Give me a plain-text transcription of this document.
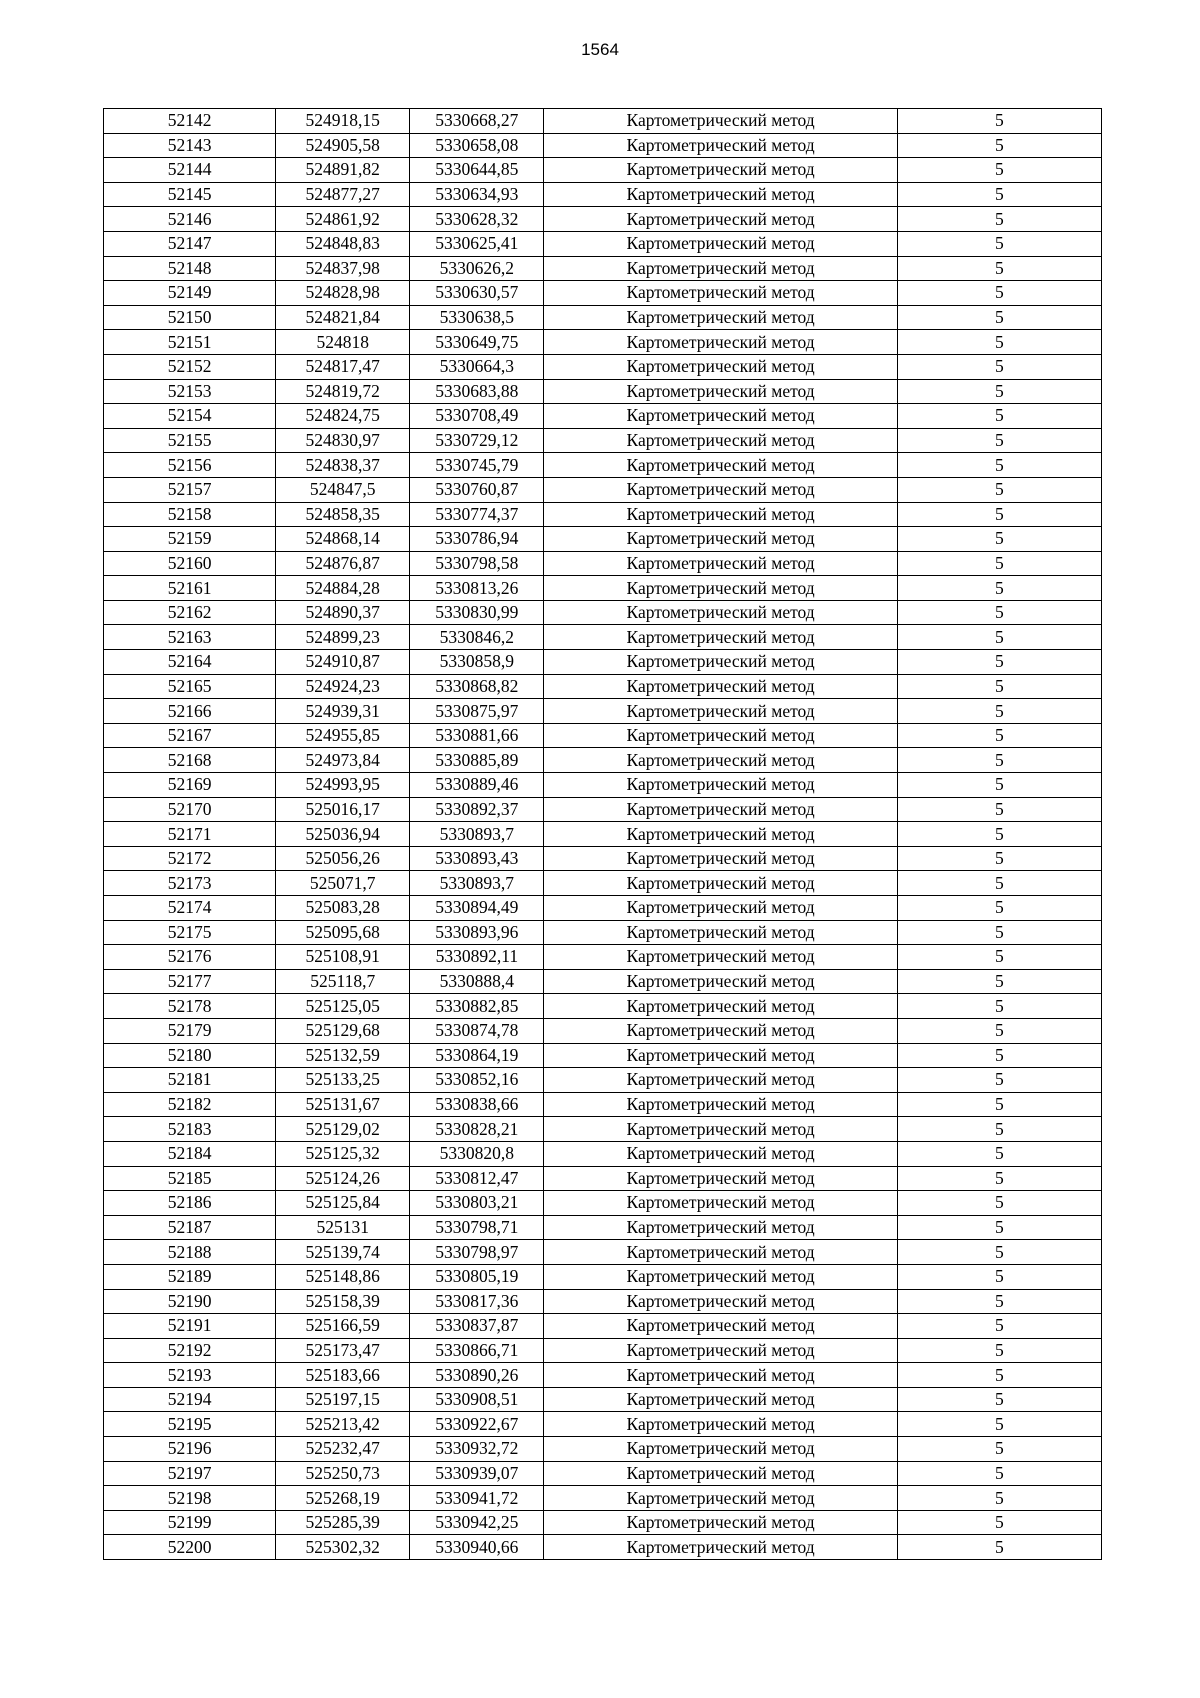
1564
52142	524918,15	5330668,27	Картометрический метод	5
52143	524905,58	5330658,08	Картометрический метод	5
52144	524891,82	5330644,85	Картометрический метод	5
52145	524877,27	5330634,93	Картометрический метод	5
52146	524861,92	5330628,32	Картометрический метод	5
52147	524848,83	5330625,41	Картометрический метод	5
52148	524837,98	5330626,2	Картометрический метод	5
52149	524828,98	5330630,57	Картометрический метод	5
52150	524821,84	5330638,5	Картометрический метод	5
52151	524818	5330649,75	Картометрический метод	5
52152	524817,47	5330664,3	Картометрический метод	5
52153	524819,72	5330683,88	Картометрический метод	5
52154	524824,75	5330708,49	Картометрический метод	5
52155	524830,97	5330729,12	Картометрический метод	5
52156	524838,37	5330745,79	Картометрический метод	5
52157	524847,5	5330760,87	Картометрический метод	5
52158	524858,35	5330774,37	Картометрический метод	5
52159	524868,14	5330786,94	Картометрический метод	5
52160	524876,87	5330798,58	Картометрический метод	5
52161	524884,28	5330813,26	Картометрический метод	5
52162	524890,37	5330830,99	Картометрический метод	5
52163	524899,23	5330846,2	Картометрический метод	5
52164	524910,87	5330858,9	Картометрический метод	5
52165	524924,23	5330868,82	Картометрический метод	5
52166	524939,31	5330875,97	Картометрический метод	5
52167	524955,85	5330881,66	Картометрический метод	5
52168	524973,84	5330885,89	Картометрический метод	5
52169	524993,95	5330889,46	Картометрический метод	5
52170	525016,17	5330892,37	Картометрический метод	5
52171	525036,94	5330893,7	Картометрический метод	5
52172	525056,26	5330893,43	Картометрический метод	5
52173	525071,7	5330893,7	Картометрический метод	5
52174	525083,28	5330894,49	Картометрический метод	5
52175	525095,68	5330893,96	Картометрический метод	5
52176	525108,91	5330892,11	Картометрический метод	5
52177	525118,7	5330888,4	Картометрический метод	5
52178	525125,05	5330882,85	Картометрический метод	5
52179	525129,68	5330874,78	Картометрический метод	5
52180	525132,59	5330864,19	Картометрический метод	5
52181	525133,25	5330852,16	Картометрический метод	5
52182	525131,67	5330838,66	Картометрический метод	5
52183	525129,02	5330828,21	Картометрический метод	5
52184	525125,32	5330820,8	Картометрический метод	5
52185	525124,26	5330812,47	Картометрический метод	5
52186	525125,84	5330803,21	Картометрический метод	5
52187	525131	5330798,71	Картометрический метод	5
52188	525139,74	5330798,97	Картометрический метод	5
52189	525148,86	5330805,19	Картометрический метод	5
52190	525158,39	5330817,36	Картометрический метод	5
52191	525166,59	5330837,87	Картометрический метод	5
52192	525173,47	5330866,71	Картометрический метод	5
52193	525183,66	5330890,26	Картометрический метод	5
52194	525197,15	5330908,51	Картометрический метод	5
52195	525213,42	5330922,67	Картометрический метод	5
52196	525232,47	5330932,72	Картометрический метод	5
52197	525250,73	5330939,07	Картометрический метод	5
52198	525268,19	5330941,72	Картометрический метод	5
52199	525285,39	5330942,25	Картометрический метод	5
52200	525302,32	5330940,66	Картометрический метод	5
